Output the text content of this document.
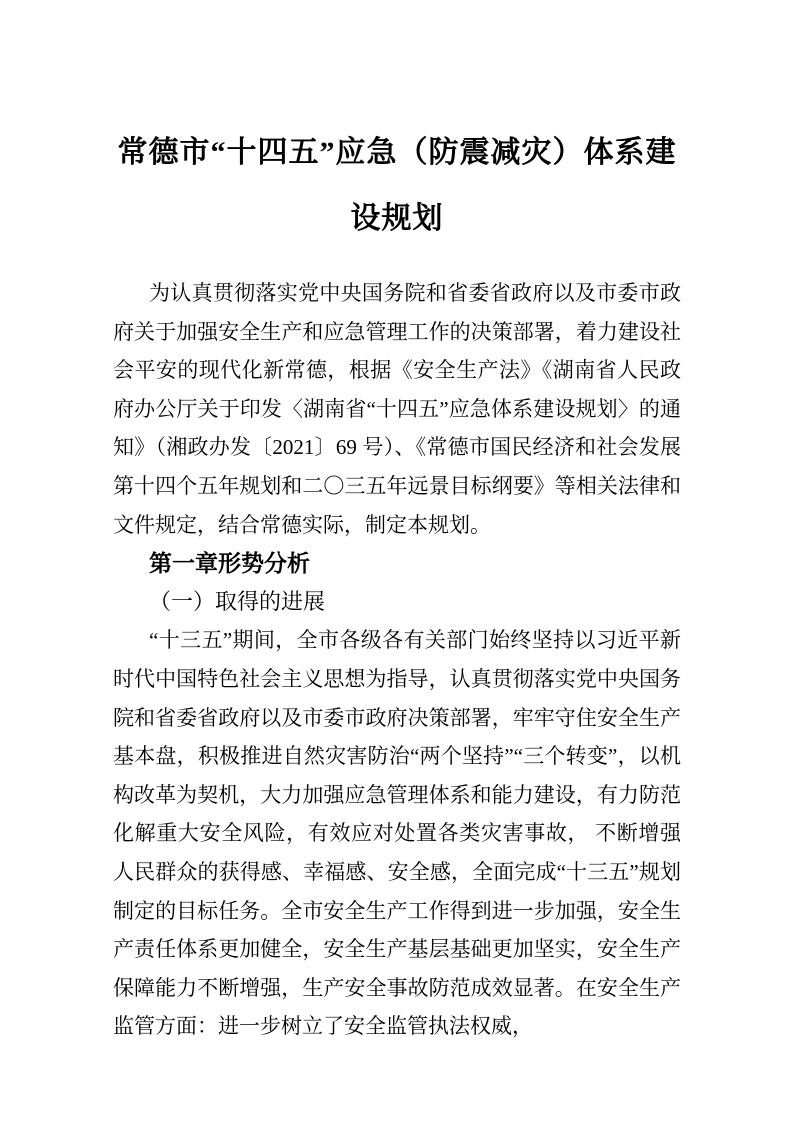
常德市“十四五”应急（防震减灾）体系建设规划

为认真贯彻落实党中央国务院和省委省政府以及市委市政府关于加强安全生产和应急管理工作的决策部署，着力建设社会平安的现代化新常德，根据《安全生产法》《湖南省人民政府办公厅关于印发〈湖南省“十四五”应急体系建设规划〉的通知》（湘政办发〔2021〕69 号）、《常德市国民经济和社会发展第十四个五年规划和二〇三五年远景目标纲要》等相关法律和文件规定，结合常德实际，制定本规划。

第一章形势分析
（一）取得的进展

“十三五”期间，全市各级各有关部门始终坚持以习近平新时代中国特色社会主义思想为指导，认真贯彻落实党中央国务院和省委省政府以及市委市政府决策部署，牢牢守住安全生产基本盘，积极推进自然灾害防治“两个坚持”“三个转变”，以机构改革为契机，大力加强应急管理体系和能力建设，有力防范化解重大安全风险，有效应对处置各类灾害事故， 不断增强人民群众的获得感、幸福感、安全感，全面完成“十三五”规划制定的目标任务。全市安全生产工作得到进一步加强，安全生产责任体系更加健全，安全生产基层基础更加坚实，安全生产保障能力不断增强，生产安全事故防范成效显著。在安全生产监管方面：进一步树立了安全监管执法权威，
